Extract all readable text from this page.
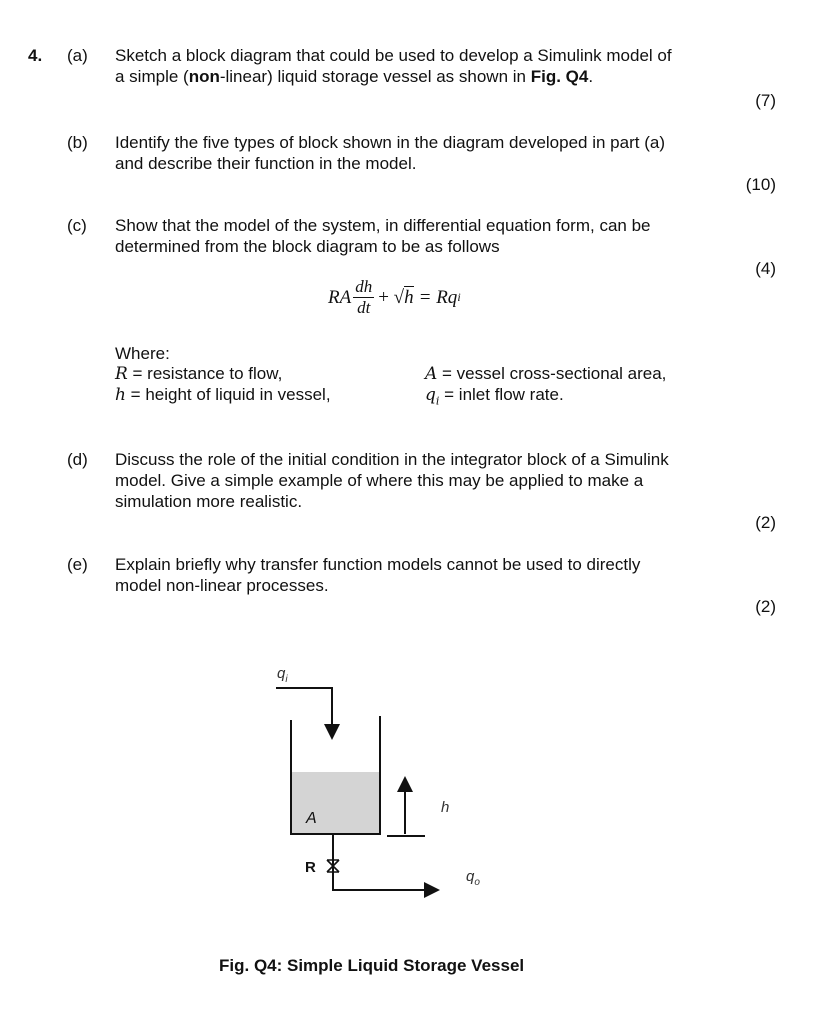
4. (a) Sketch a block diagram that could be used to develop a Simulink model of
a simple (non-linear) liquid storage vessel as shown in Fig. Q4.
(7)
(b) Identify the five types of block shown in the diagram developed in part (a)
and describe their function in the model.
(10)
(c) Show that the model of the system, in differential equation form, can be
determined from the block diagram to be as follows
(4)
RA $\frac{dh}{dt}$ + √ h = Rq i
Where:
R = resistance to flow,	A = vessel cross-sectional area,
h = height of liquid in vessel,	$q_i$ = inlet flow rate.
(d) Discuss the role of the initial condition in the integrator block of a Simulink
model. Give a simple example of where this may be applied to make a
simulation more realistic.
(2)
(e) Explain briefly why transfer function models cannot be used to directly
model non-linear processes.
(2)
$q_i$
A
h
R
$q_o$
Fig. Q4: Simple Liquid Storage Vessel
